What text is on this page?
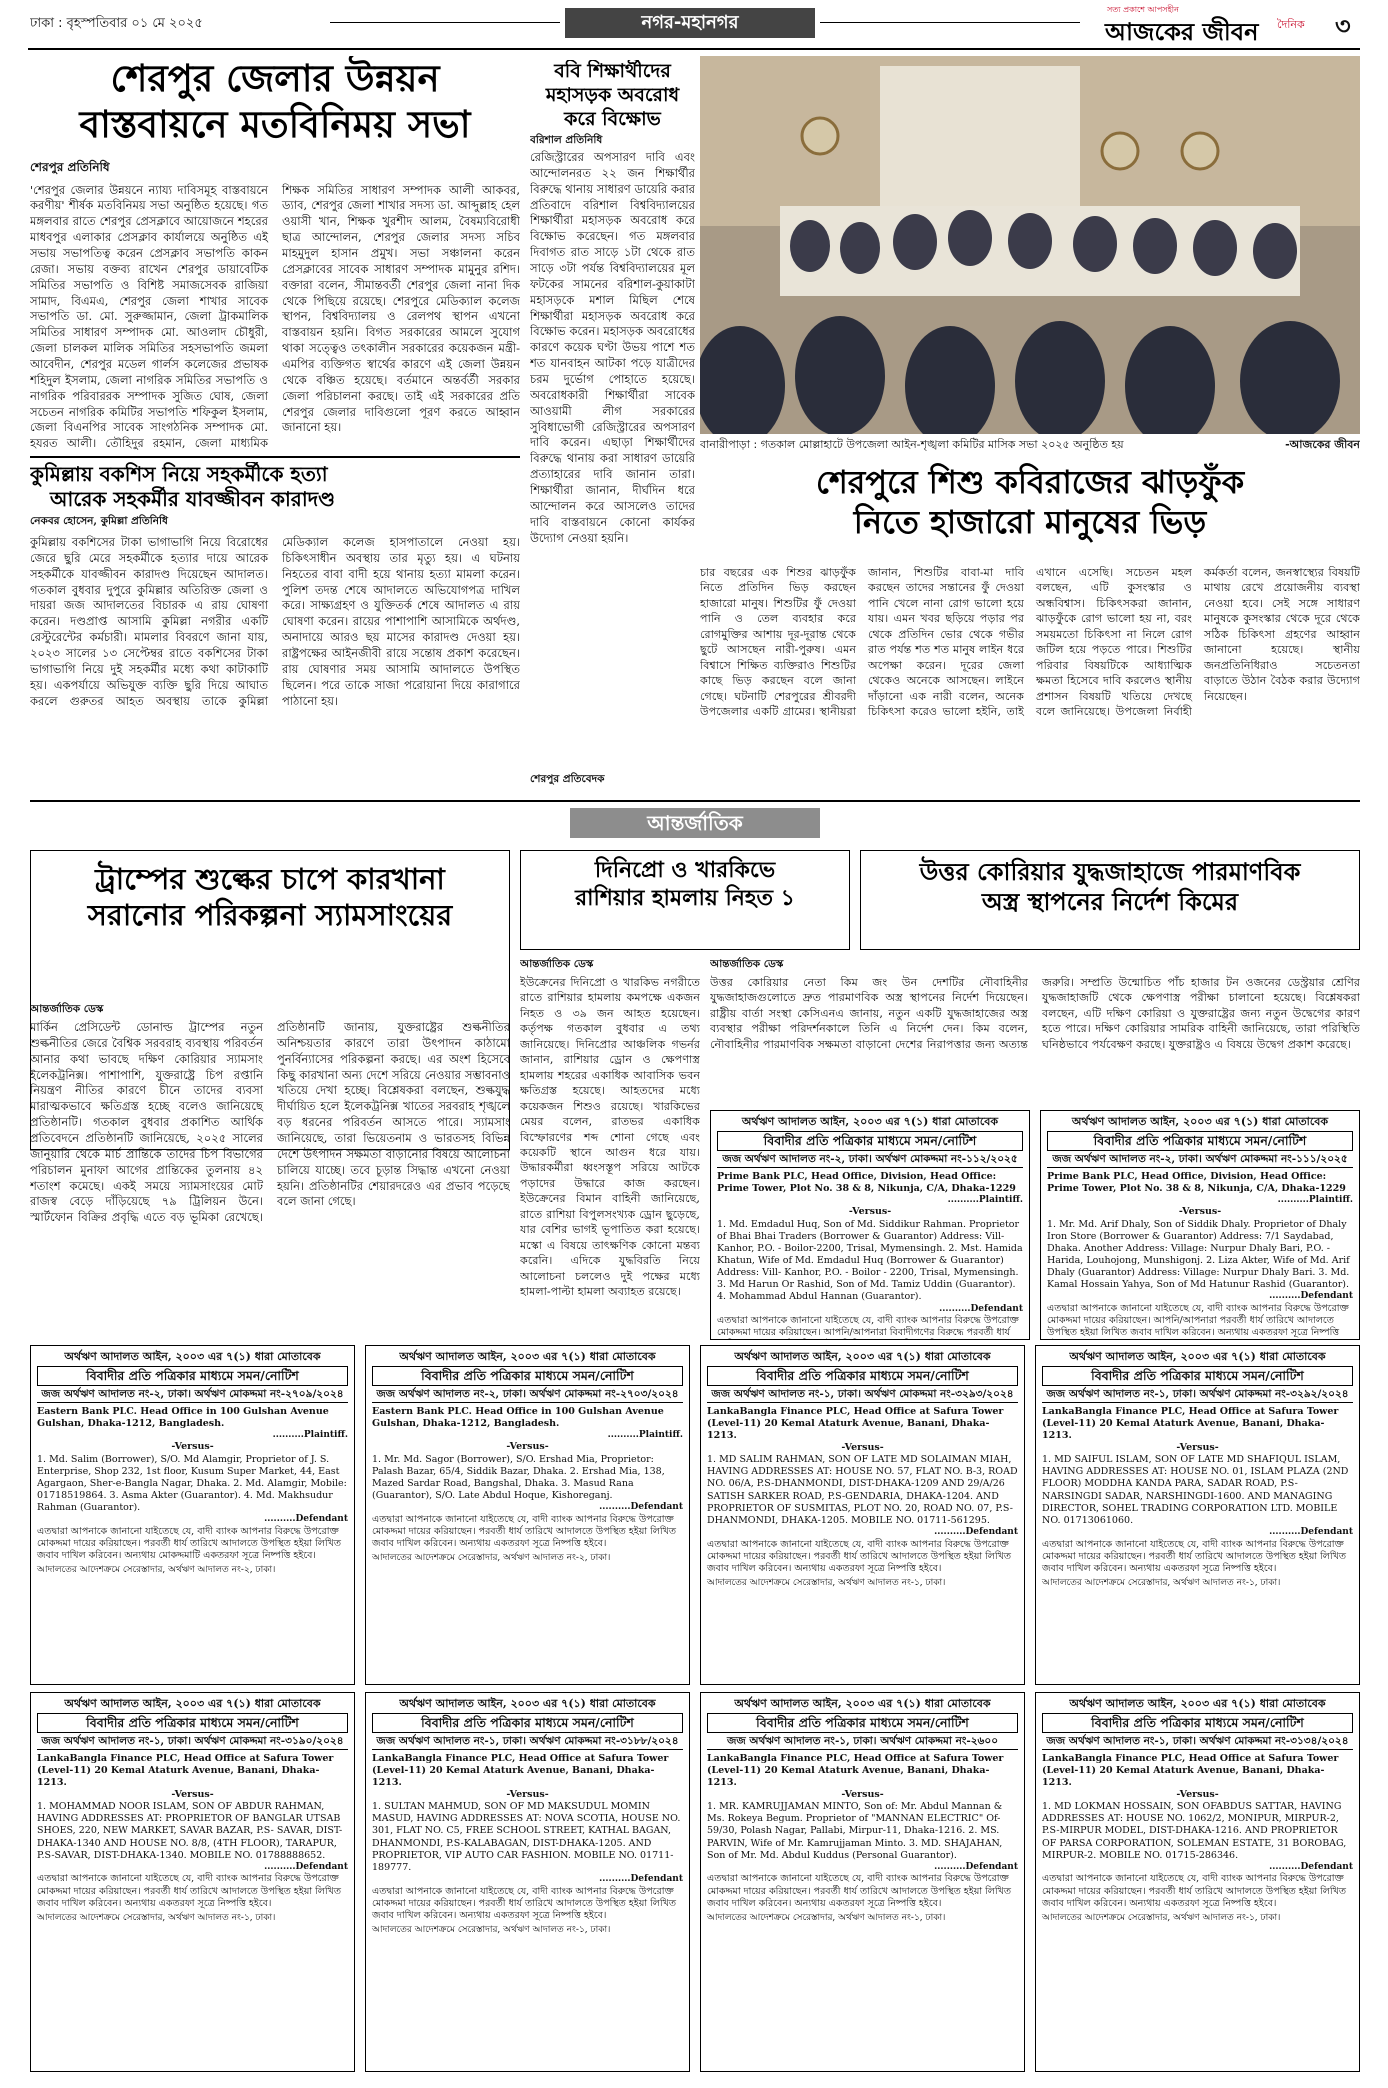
ঢাকা : বৃহস্পতিবার ০১ মে ২০২৫	নগর-মহানগর
সত্য প্রকাশে আপসহীন
আজকের জীবন দৈনিক ৩
শেরপুর জেলার উন্নয়ন
বাস্তবায়নে মতবিনিময় সভা
শেরপুর প্রতিনিধি
'শেরপুর জেলার উন্নয়নে ন্যায্য দাবিসমূহ বাস্তবায়নে করণীয়' শীর্ষক মতবিনিময় সভা অনুষ্ঠিত হয়েছে। গত মঙ্গলবার রাতে শেরপুর প্রেসক্লাবে আয়োজনে শহরের মাধবপুর এলাকার প্রেসক্লাব কার্যালয়ে অনুষ্ঠিত এই সভায় সভাপতিত্ব করেন প্রেসক্লাব সভাপতি কাকন রেজা। সভায় বক্তব্য রাখেন শেরপুর ডায়াবেটিক সমিতির সভাপতি ও বিশিষ্ট সমাজসেবক রাজিয়া সামাদ, বিএমএ, শেরপুর জেলা শাখার সাবেক সভাপতি ডা. মো. সুরুজ্জামান, জেলা ট্রাকমালিক সমিতির সাধারণ সম্পাদক মো. আওলাদ চৌধুরী, জেলা চালকল মালিক সমিতির সহসভাপতি জমলা আবেদীন, শেরপুর মডেল গার্লস কলেজের প্রভাষক শহিদুল ইসলাম, জেলা নাগরিক সমিতির সভাপতি ও নাগরিক পরিবাররক সম্পাদক সুজিত ঘোষ, জেলা সচেতন নাগরিক কমিটির সভাপতি শফিকুল ইসলাম, জেলা বিএনপির সাবেক সাংগঠনিক সম্পাদক মো. হযরত আলী। তৌহিদুর রহমান, জেলা মাধ্যমিক শিক্ষক সমিতির সাধারণ সম্পাদক আলী আকবর, ড্যাব, শেরপুর জেলা শাখার সদস্য ডা. আব্দুল্লাহ হেল ওয়াসী খান, শিক্ষক খুরশীদ আলম, বৈষম্যবিরোধী ছাত্র আন্দোলন, শেরপুর জেলার সদস্য সচিব মাহমুদুল হাসান প্রমুখ। সভা সঞ্চালনা করেন প্রেসক্লাবের সাবেক সাধারণ সম্পাদক মামুনুর রশিদ। বক্তারা বলেন, সীমান্তবর্তী শেরপুর জেলা নানা দিক থেকে পিছিয়ে রয়েছে। শেরপুরে মেডিক্যাল কলেজ স্থাপন, বিশ্ববিদ্যালয় ও রেলপথ স্থাপন এখনো বাস্তবায়ন হয়নি। বিগত সরকারের আমলে সুযোগ থাকা সত্ত্বেও তৎকালীন সরকারের কয়েকজন মন্ত্রী-এমপির ব্যক্তিগত স্বার্থের কারণে এই জেলা উন্নয়ন থেকে বঞ্চিত হয়েছে। বর্তমানে অন্তর্বর্তী সরকার জেলা পরিচালনা করছে। তাই এই সরকারের প্রতি শেরপুর জেলার দাবিগুলো পূরণ করতে আহ্বান জানানো হয়।
ববি শিক্ষার্থীদের
মহাসড়ক অবরোধ
করে বিক্ষোভ
বরিশাল প্রতিনিধি
বানারীপাড়া : গতকাল মোল্লাহাটে উপজেলা আইন-শৃঙ্খলা কমিটির মাসিক সভা ২০২৫ অনুষ্ঠিত হয়	-আজকের জীবন
রেজিস্ট্রারের অপসারণ দাবি এবং আন্দোলনরত ২২ জন শিক্ষার্থীর বিরুদ্ধে থানায় সাধারণ ডায়েরি করার প্রতিবাদে বরিশাল বিশ্ববিদ্যালয়ের শিক্ষার্থীরা মহাসড়ক অবরোধ করে বিক্ষোভ করেছেন। গত মঙ্গলবার দিবাগত রাত সাড়ে ১টা থেকে রাত সাড়ে ৩টা পর্যন্ত বিশ্ববিদ্যালয়ের মূল ফটকের সামনের বরিশাল-কুয়াকাটা মহাসড়কে মশাল মিছিল শেষে শিক্ষার্থীরা মহাসড়ক অবরোধ করে বিক্ষোভ করেন। মহাসড়ক অবরোধের কারণে কয়েক ঘণ্টা উভয় পাশে শত শত যানবাহন আটকা পড়ে যাত্রীদের চরম দুর্ভোগ পোহাতে হয়েছে। অবরোধকারী শিক্ষার্থীরা সাবেক আওয়ামী লীগ সরকারের সুবিধাভোগী রেজিস্ট্রারের অপসারণ দাবি করেন। এছাড়া শিক্ষার্থীদের বিরুদ্ধে থানায় করা সাধারণ ডায়েরি প্রত্যাহারের দাবি জানান তারা। শিক্ষার্থীরা জানান, দীর্ঘদিন ধরে আন্দোলন করে আসলেও তাদের দাবি বাস্তবায়নে কোনো কার্যকর উদ্যোগ নেওয়া হয়নি।
কুমিল্লায় বকশিস নিয়ে সহকর্মীকে হত্যা
আরেক সহকর্মীর যাবজ্জীবন কারাদণ্ড
নেকবর হোসেন, কুমিল্লা প্রতিনিধি
কুমিল্লায় বকশিসের টাকা ভাগাভাগি নিয়ে বিরোধের জেরে ছুরি মেরে সহকর্মীকে হত্যার দায়ে আরেক সহকর্মীকে যাবজ্জীবন কারাদণ্ড দিয়েছেন আদালত। গতকাল বুধবার দুপুরে কুমিল্লার অতিরিক্ত জেলা ও দায়রা জজ আদালতের বিচারক এ রায় ঘোষণা করেন। দণ্ডপ্রাপ্ত আসামি কুমিল্লা নগরীর একটি রেস্টুরেন্টের কর্মচারী। মামলার বিবরণে জানা যায়, ২০২৩ সালের ১৩ সেপ্টেম্বর রাতে বকশিসের টাকা ভাগাভাগি নিয়ে দুই সহকর্মীর মধ্যে কথা কাটাকাটি হয়। একপর্যায়ে অভিযুক্ত ব্যক্তি ছুরি দিয়ে আঘাত করলে গুরুতর আহত অবস্থায় তাকে কুমিল্লা মেডিক্যাল কলেজ হাসপাতালে নেওয়া হয়। চিকিৎসাধীন অবস্থায় তার মৃত্যু হয়। এ ঘটনায় নিহতের বাবা বাদী হয়ে থানায় হত্যা মামলা করেন। পুলিশ তদন্ত শেষে আদালতে অভিযোগপত্র দাখিল করে। সাক্ষ্যগ্রহণ ও যুক্তিতর্ক শেষে আদালত এ রায় ঘোষণা করেন। রায়ের পাশাপাশি আসামিকে অর্থদণ্ড, অনাদায়ে আরও ছয় মাসের কারাদণ্ড দেওয়া হয়। রাষ্ট্রপক্ষের আইনজীবী রায়ে সন্তোষ প্রকাশ করেছেন। রায় ঘোষণার সময় আসামি আদালতে উপস্থিত ছিলেন। পরে তাকে সাজা পরোয়ানা দিয়ে কারাগারে পাঠানো হয়।
শেরপুরে শিশু কবিরাজের ঝাড়ফুঁক
নিতে হাজারো মানুষের ভিড়
শেরপুর প্রতিবেদক
চার বছরের এক শিশুর ঝাড়ফুঁক নিতে প্রতিদিন ভিড় করছেন হাজারো মানুষ। শিশুটির ফুঁ দেওয়া পানি ও তেল ব্যবহার করে রোগমুক্তির আশায় দূর-দূরান্ত থেকে ছুটে আসছেন নারী-পুরুষ। এমন বিশ্বাসে শিক্ষিত ব্যক্তিরাও শিশুটির কাছে ভিড় করছেন বলে জানা গেছে। ঘটনাটি শেরপুরের শ্রীবরদী উপজেলার একটি গ্রামের। স্থানীয়রা জানান, শিশুটির বাবা-মা দাবি করছেন তাদের সন্তানের ফুঁ দেওয়া পানি খেলে নানা রোগ ভালো হয়ে যায়। এমন খবর ছড়িয়ে পড়ার পর থেকে প্রতিদিন ভোর থেকে গভীর রাত পর্যন্ত শত শত মানুষ লাইন ধরে অপেক্ষা করেন। দূরের জেলা থেকেও অনেকে আসছেন। লাইনে দাঁড়ানো এক নারী বলেন, অনেক চিকিৎসা করেও ভালো হইনি, তাই এখানে এসেছি। সচেতন মহল বলছেন, এটি কুসংস্কার ও অন্ধবিশ্বাস। চিকিৎসকরা জানান, ঝাড়ফুঁকে রোগ ভালো হয় না, বরং সময়মতো চিকিৎসা না নিলে রোগ জটিল হয়ে পড়তে পারে। শিশুটির পরিবার বিষয়টিকে আধ্যাত্মিক ক্ষমতা হিসেবে দাবি করলেও স্থানীয় প্রশাসন বিষয়টি খতিয়ে দেখছে বলে জানিয়েছে। উপজেলা নির্বাহী কর্মকর্তা বলেন, জনস্বাস্থ্যের বিষয়টি মাথায় রেখে প্রয়োজনীয় ব্যবস্থা নেওয়া হবে। সেই সঙ্গে সাধারণ মানুষকে কুসংস্কার থেকে দূরে থেকে সঠিক চিকিৎসা গ্রহণের আহ্বান জানানো হয়েছে। স্থানীয় জনপ্রতিনিধিরাও সচেতনতা বাড়াতে উঠান বৈঠক করার উদ্যোগ নিয়েছেন।
আন্তর্জাতিক
ট্রাম্পের শুল্কের চাপে কারখানা
সরানোর পরিকল্পনা স্যামসাংয়ের
আন্তর্জাতিক ডেস্ক
মার্কিন প্রেসিডেন্ট ডোনাল্ড ট্রাম্পের নতুন শুল্কনীতির জেরে বৈশ্বিক সরবরাহ ব্যবস্থায় পরিবর্তন আনার কথা ভাবছে দক্ষিণ কোরিয়ার স্যামসাং ইলেকট্রনিক্স। পাশাপাশি, যুক্তরাষ্ট্রে চিপ রপ্তানি নিয়ন্ত্রণ নীতির কারণে চীনে তাদের ব্যবসা মারাত্মকভাবে ক্ষতিগ্রস্ত হচ্ছে বলেও জানিয়েছে প্রতিষ্ঠানটি। গতকাল বুধবার প্রকাশিত আর্থিক প্রতিবেদনে প্রতিষ্ঠানটি জানিয়েছে, ২০২৫ সালের জানুয়ারি থেকে মার্চ প্রান্তিকে তাদের চিপ বিভাগের পরিচালন মুনাফা আগের প্রান্তিকের তুলনায় ৪২ শতাংশ কমেছে। একই সময়ে স্যামসাংয়ের মোট রাজস্ব বেড়ে দাঁড়িয়েছে ৭৯ ট্রিলিয়ন উনে। স্মার্টফোন বিক্রির প্রবৃদ্ধি এতে বড় ভূমিকা রেখেছে। প্রতিষ্ঠানটি জানায়, যুক্তরাষ্ট্রের শুল্কনীতির অনিশ্চয়তার কারণে তারা উৎপাদন কাঠামো পুনর্বিন্যাসের পরিকল্পনা করছে। এর অংশ হিসেবে কিছু কারখানা অন্য দেশে সরিয়ে নেওয়ার সম্ভাবনাও খতিয়ে দেখা হচ্ছে। বিশ্লেষকরা বলছেন, শুল্কযুদ্ধ দীর্ঘায়িত হলে ইলেকট্রনিক্স খাতের সরবরাহ শৃঙ্খলে বড় ধরনের পরিবর্তন আসতে পারে। স্যামসাং জানিয়েছে, তারা ভিয়েতনাম ও ভারতসহ বিভিন্ন দেশে উৎপাদন সক্ষমতা বাড়ানোর বিষয়ে আলোচনা চালিয়ে যাচ্ছে। তবে চূড়ান্ত সিদ্ধান্ত এখনো নেওয়া হয়নি। প্রতিষ্ঠানটির শেয়ারদরেও এর প্রভাব পড়েছে বলে জানা গেছে।
দিনিপ্রো ও খারকিভে
রাশিয়ার হামলায় নিহত ১
আন্তর্জাতিক ডেস্ক
ইউক্রেনের দিনিপ্রো ও খারকিভ নগরীতে রাতে রাশিয়ার হামলায় কমপক্ষে একজন নিহত ও ৩৯ জন আহত হয়েছেন। কর্তৃপক্ষ গতকাল বুধবার এ তথ্য জানিয়েছে। দিনিপ্রোর আঞ্চলিক গভর্নর জানান, রাশিয়ার ড্রোন ও ক্ষেপণাস্ত্র হামলায় শহরের একাধিক আবাসিক ভবন ক্ষতিগ্রস্ত হয়েছে। আহতদের মধ্যে কয়েকজন শিশুও রয়েছে। খারকিভের মেয়র বলেন, রাতভর একাধিক বিস্ফোরণের শব্দ শোনা গেছে এবং কয়েকটি স্থানে আগুন ধরে যায়। উদ্ধারকর্মীরা ধ্বংসস্তূপ সরিয়ে আটকে পড়াদের উদ্ধারে কাজ করছেন। ইউক্রেনের বিমান বাহিনী জানিয়েছে, রাতে রাশিয়া বিপুলসংখ্যক ড্রোন ছুড়েছে, যার বেশির ভাগই ভূপাতিত করা হয়েছে। মস্কো এ বিষয়ে তাৎক্ষণিক কোনো মন্তব্য করেনি। এদিকে যুদ্ধবিরতি নিয়ে আলোচনা চললেও দুই পক্ষের মধ্যে হামলা-পাল্টা হামলা অব্যাহত রয়েছে।
উত্তর কোরিয়ার যুদ্ধজাহাজে পারমাণবিক
অস্ত্র স্থাপনের নির্দেশ কিমের
আন্তর্জাতিক ডেস্ক
উত্তর কোরিয়ার নেতা কিম জং উন দেশটির নৌবাহিনীর যুদ্ধজাহাজগুলোতে দ্রুত পারমাণবিক অস্ত্র স্থাপনের নির্দেশ দিয়েছেন। রাষ্ট্রীয় বার্তা সংস্থা কেসিএনএ জানায়, নতুন একটি যুদ্ধজাহাজের অস্ত্র ব্যবস্থার পরীক্ষা পরিদর্শনকালে তিনি এ নির্দেশ দেন। কিম বলেন, নৌবাহিনীর পারমাণবিক সক্ষমতা বাড়ানো দেশের নিরাপত্তার জন্য অত্যন্ত জরুরি। সম্প্রতি উন্মোচিত পাঁচ হাজার টন ওজনের ডেস্ট্রয়ার শ্রেণির যুদ্ধজাহাজটি থেকে ক্ষেপণাস্ত্র পরীক্ষা চালানো হয়েছে। বিশ্লেষকরা বলছেন, এটি দক্ষিণ কোরিয়া ও যুক্তরাষ্ট্রের জন্য নতুন উদ্বেগের কারণ হতে পারে। দক্ষিণ কোরিয়ার সামরিক বাহিনী জানিয়েছে, তারা পরিস্থিতি ঘনিষ্ঠভাবে পর্যবেক্ষণ করছে। যুক্তরাষ্ট্রও এ বিষয়ে উদ্বেগ প্রকাশ করেছে।
অর্থঋণ আদালত আইন, ২০০৩ এর ৭(১) ধারা মোতাবেক
বিবাদীর প্রতি পত্রিকার মাধ্যমে সমন/নোটিশ
জজ অর্থঋণ আদালত নং-২, ঢাকা। অর্থঋণ মোকদ্দমা নং-১১২/২০২৫
Prime Bank PLC, Head Office, Division, Head Office: Prime Tower, Plot No. 38 & 8, Nikunja, C/A, Dhaka-1229
..........Plaintiff.
-Versus-
1. Md. Emdadul Huq, Son of Md. Siddikur Rahman. Proprietor of Bhai Bhai Traders (Borrower & Guarantor) Address: Vill- Kanhor, P.O. - Boilor-2200, Trisal, Mymensingh. 2. Mst. Hamida Khatun, Wife of Md. Emdadul Huq (Borrower & Guarantor) Address: Vill- Kanhor, P.O. - Boilor - 2200, Trisal, Mymensingh. 3. Md Harun Or Rashid, Son of Md. Tamiz Uddin (Guarantor). 4. Mohammad Abdul Hannan (Guarantor).
..........Defendant
এতদ্বারা আপনাকে জানানো যাইতেছে যে, বাদী ব্যাংক আপনার বিরুদ্ধে উপরোক্ত মোকদ্দমা দায়ের করিয়াছেন। আপনি/আপনারা বিবাদীগণের বিরুদ্ধে পরবর্তী ধার্য
অর্থঋণ আদালত আইন, ২০০৩ এর ৭(১) ধারা মোতাবেক
বিবাদীর প্রতি পত্রিকার মাধ্যমে সমন/নোটিশ
জজ অর্থঋণ আদালত নং-২, ঢাকা। অর্থঋণ মোকদ্দমা নং-১১১/২০২৫
Prime Bank PLC, Head Office, Division, Head Office: Prime Tower, Plot No. 38 & 8, Nikunja, C/A, Dhaka-1229
..........Plaintiff.
-Versus-
1. Mr. Md. Arif Dhaly, Son of Siddik Dhaly. Proprietor of Dhaly Iron Store (Borrower & Guarantor) Address: 7/1 Saydabad, Dhaka. Another Address: Village: Nurpur Dhaly Bari, P.O. - Harida, Louhojong, Munshigonj. 2. Liza Akter, Wife of Md. Arif Dhaly (Guarantor) Address: Village: Nurpur Dhaly Bari. 3. Md. Kamal Hossain Yahya, Son of Md Hatunur Rashid (Guarantor).
..........Defendant
এতদ্বারা আপনাকে জানানো যাইতেছে যে, বাদী ব্যাংক আপনার বিরুদ্ধে উপরোক্ত মোকদ্দমা দায়ের করিয়াছেন। আপনি/আপনারা পরবর্তী ধার্য তারিখে আদালতে উপস্থিত হইয়া লিখিত জবাব দাখিল করিবেন। অন্যথায় একতরফা সূত্রে নিষ্পত্তি
অর্থঋণ আদালত আইন, ২০০৩ এর ৭(১) ধারা মোতাবেক
বিবাদীর প্রতি পত্রিকার মাধ্যমে সমন/নোটিশ
জজ অর্থঋণ আদালত নং-২, ঢাকা। অর্থঋণ মোকদ্দমা নং-২৭০৯/২০২৪
Eastern Bank PLC. Head Office in 100 Gulshan Avenue Gulshan, Dhaka-1212, Bangladesh.
..........Plaintiff.
-Versus-
1. Md. Salim (Borrower), S/O. Md Alamgir, Proprietor of J. S. Enterprise, Shop 232, 1st floor, Kusum Super Market, 44, East Agargaon, Sher-e-Bangla Nagar, Dhaka. 2. Md. Alamgir, Mobile: 01718519864. 3. Asma Akter (Guarantor). 4. Md. Makhsudur Rahman (Guarantor).
..........Defendant
এতদ্বারা আপনাকে জানানো যাইতেছে যে, বাদী ব্যাংক আপনার বিরুদ্ধে উপরোক্ত মোকদ্দমা দায়ের করিয়াছেন। পরবর্তী ধার্য তারিখে আদালতে উপস্থিত হইয়া লিখিত জবাব দাখিল করিবেন। অন্যথায় মোকদ্দমাটি একতরফা সূত্রে নিষ্পত্তি হইবে।
আদালতের আদেশক্রমে সেরেস্তাদার, অর্থঋণ আদালত নং-২, ঢাকা।
অর্থঋণ আদালত আইন, ২০০৩ এর ৭(১) ধারা মোতাবেক
বিবাদীর প্রতি পত্রিকার মাধ্যমে সমন/নোটিশ
জজ অর্থঋণ আদালত নং-২, ঢাকা। অর্থঋণ মোকদ্দমা নং-২৭০৩/২০২৪
Eastern Bank PLC. Head Office in 100 Gulshan Avenue Gulshan, Dhaka-1212, Bangladesh.
..........Plaintiff.
-Versus-
1. Mr. Md. Sagor (Borrower), S/O. Ershad Mia, Proprietor: Palash Bazar, 65/4, Siddik Bazar, Dhaka. 2. Ershad Mia, 138, Mazed Sardar Road, Bangshal, Dhaka. 3. Masud Rana (Guarantor), S/O. Late Abdul Hoque, Kishoreganj.
..........Defendant
এতদ্বারা আপনাকে জানানো যাইতেছে যে, বাদী ব্যাংক আপনার বিরুদ্ধে উপরোক্ত মোকদ্দমা দায়ের করিয়াছেন। পরবর্তী ধার্য তারিখে আদালতে উপস্থিত হইয়া লিখিত জবাব দাখিল করিবেন। অন্যথায় একতরফা সূত্রে নিষ্পত্তি হইবে।
আদালতের আদেশক্রমে সেরেস্তাদার, অর্থঋণ আদালত নং-২, ঢাকা।
অর্থঋণ আদালত আইন, ২০০৩ এর ৭(১) ধারা মোতাবেক
বিবাদীর প্রতি পত্রিকার মাধ্যমে সমন/নোটিশ
জজ অর্থঋণ আদালত নং-১, ঢাকা। অর্থঋণ মোকদ্দমা নং-৩২৯৩/২০২৪
LankaBangla Finance PLC, Head Office at Safura Tower (Level-11) 20 Kemal Ataturk Avenue, Banani, Dhaka-1213.
-Versus-
1. MD SALIM RAHMAN, SON OF LATE MD SOLAIMAN MIAH, HAVING ADDRESSES AT: HOUSE NO. 57, FLAT NO. B-3, ROAD NO. 06/A, P.S-DHANMONDI, DIST-DHAKA-1209 AND 29/A/26 SATISH SARKER ROAD, P.S-GENDARIA, DHAKA-1204. AND PROPRIETOR OF SUSMITAS, PLOT NO. 20, ROAD NO. 07, P.S- DHANMONDI, DHAKA-1205. MOBILE NO. 01711-561295.
..........Defendant
এতদ্বারা আপনাকে জানানো যাইতেছে যে, বাদী ব্যাংক আপনার বিরুদ্ধে উপরোক্ত মোকদ্দমা দায়ের করিয়াছেন। পরবর্তী ধার্য তারিখে আদালতে উপস্থিত হইয়া লিখিত জবাব দাখিল করিবেন। অন্যথায় একতরফা সূত্রে নিষ্পত্তি হইবে।
আদালতের আদেশক্রমে সেরেস্তাদার, অর্থঋণ আদালত নং-১, ঢাকা।
অর্থঋণ আদালত আইন, ২০০৩ এর ৭(১) ধারা মোতাবেক
বিবাদীর প্রতি পত্রিকার মাধ্যমে সমন/নোটিশ
জজ অর্থঋণ আদালত নং-১, ঢাকা। অর্থঋণ মোকদ্দমা নং-৩২৯২/২০২৪
LankaBangla Finance PLC, Head Office at Safura Tower (Level-11) 20 Kemal Ataturk Avenue, Banani, Dhaka-1213.
-Versus-
1. MD SAIFUL ISLAM, SON OF LATE MD SHAFIQUL ISLAM, HAVING ADDRESSES AT: HOUSE NO. 01, ISLAM PLAZA (2ND FLOOR) MODDHA KANDA PARA, SADAR ROAD, P.S-NARSINGDI SADAR, NARSHINGDI-1600. AND MANAGING DIRECTOR, SOHEL TRADING CORPORATION LTD. MOBILE NO. 01713061060.
..........Defendant
এতদ্বারা আপনাকে জানানো যাইতেছে যে, বাদী ব্যাংক আপনার বিরুদ্ধে উপরোক্ত মোকদ্দমা দায়ের করিয়াছেন। পরবর্তী ধার্য তারিখে আদালতে উপস্থিত হইয়া লিখিত জবাব দাখিল করিবেন। অন্যথায় একতরফা সূত্রে নিষ্পত্তি হইবে।
আদালতের আদেশক্রমে সেরেস্তাদার, অর্থঋণ আদালত নং-১, ঢাকা।
অর্থঋণ আদালত আইন, ২০০৩ এর ৭(১) ধারা মোতাবেক
বিবাদীর প্রতি পত্রিকার মাধ্যমে সমন/নোটিশ
জজ অর্থঋণ আদালত নং-১, ঢাকা। অর্থঋণ মোকদ্দমা নং-৩১৯০/২০২৪
LankaBangla Finance PLC, Head Office at Safura Tower (Level-11) 20 Kemal Ataturk Avenue, Banani, Dhaka-1213.
-Versus-
1. MOHAMMAD NOOR ISLAM, SON OF ABDUR RAHMAN, HAVING ADDRESSES AT: PROPRIETOR OF BANGLAR UTSAB SHOES, 220, NEW MARKET, SAVAR BAZAR, P.S- SAVAR, DIST-DHAKA-1340 AND HOUSE NO. 8/8, (4TH FLOOR), TARAPUR, P.S-SAVAR, DIST-DHAKA-1340. MOBILE NO. 01788888652.
..........Defendant
এতদ্বারা আপনাকে জানানো যাইতেছে যে, বাদী ব্যাংক আপনার বিরুদ্ধে উপরোক্ত মোকদ্দমা দায়ের করিয়াছেন। পরবর্তী ধার্য তারিখে আদালতে উপস্থিত হইয়া লিখিত জবাব দাখিল করিবেন। অন্যথায় একতরফা সূত্রে নিষ্পত্তি হইবে।
আদালতের আদেশক্রমে সেরেস্তাদার, অর্থঋণ আদালত নং-১, ঢাকা।
অর্থঋণ আদালত আইন, ২০০৩ এর ৭(১) ধারা মোতাবেক
বিবাদীর প্রতি পত্রিকার মাধ্যমে সমন/নোটিশ
জজ অর্থঋণ আদালত নং-১, ঢাকা। অর্থঋণ মোকদ্দমা নং-৩১৮৮/২০২৪
LankaBangla Finance PLC, Head Office at Safura Tower (Level-11) 20 Kemal Ataturk Avenue, Banani, Dhaka-1213.
-Versus-
1. SULTAN MAHMUD, SON OF MD MAKSUDUL MOMIN MASUD, HAVING ADDRESSES AT: NOVA SCOTIA, HOUSE NO. 301, FLAT NO. C5, FREE SCHOOL STREET, KATHAL BAGAN, DHANMONDI, P.S-KALABAGAN, DIST-DHAKA-1205. AND PROPRIETOR, VIP AUTO CAR FASHION. MOBILE NO. 01711-189777.
..........Defendant
এতদ্বারা আপনাকে জানানো যাইতেছে যে, বাদী ব্যাংক আপনার বিরুদ্ধে উপরোক্ত মোকদ্দমা দায়ের করিয়াছেন। পরবর্তী ধার্য তারিখে আদালতে উপস্থিত হইয়া লিখিত জবাব দাখিল করিবেন। অন্যথায় একতরফা সূত্রে নিষ্পত্তি হইবে।
আদালতের আদেশক্রমে সেরেস্তাদার, অর্থঋণ আদালত নং-১, ঢাকা।
অর্থঋণ আদালত আইন, ২০০৩ এর ৭(১) ধারা মোতাবেক
বিবাদীর প্রতি পত্রিকার মাধ্যমে সমন/নোটিশ
জজ অর্থঋণ আদালত নং-১, ঢাকা। অর্থঋণ মোকদ্দমা নং-২৬০০
LankaBangla Finance PLC, Head Office at Safura Tower (Level-11) 20 Kemal Ataturk Avenue, Banani, Dhaka-1213.
-Versus-
1. MR. KAMRUJJAMAN MINTO, Son of: Mr. Abdul Mannan & Ms. Rokeya Begum. Proprietor of "MANNAN ELECTRIC" Of-59/30, Polash Nagar, Pallabi, Mirpur-11, Dhaka-1216. 2. MS. PARVIN, Wife of Mr. Kamrujjaman Minto. 3. MD. SHAJAHAN, Son of Mr. Md. Abdul Kuddus (Personal Guarantor).
..........Defendant
এতদ্বারা আপনাকে জানানো যাইতেছে যে, বাদী ব্যাংক আপনার বিরুদ্ধে উপরোক্ত মোকদ্দমা দায়ের করিয়াছেন। পরবর্তী ধার্য তারিখে আদালতে উপস্থিত হইয়া লিখিত জবাব দাখিল করিবেন। অন্যথায় একতরফা সূত্রে নিষ্পত্তি হইবে।
আদালতের আদেশক্রমে সেরেস্তাদার, অর্থঋণ আদালত নং-১, ঢাকা।
অর্থঋণ আদালত আইন, ২০০৩ এর ৭(১) ধারা মোতাবেক
বিবাদীর প্রতি পত্রিকার মাধ্যমে সমন/নোটিশ
জজ অর্থঋণ আদালত নং-১, ঢাকা। অর্থঋণ মোকদ্দমা নং-৩১৩৪/২০২৪
LankaBangla Finance PLC, Head Office at Safura Tower (Level-11) 20 Kemal Ataturk Avenue, Banani, Dhaka-1213.
-Versus-
1. MD LOKMAN HOSSAIN, SON OFABDUS SATTAR, HAVING ADDRESSES AT: HOUSE NO. 1062/2, MONIPUR, MIRPUR-2, P.S-MIRPUR MODEL, DIST-DHAKA-1216. AND PROPRIETOR OF PARSA CORPORATION, SOLEMAN ESTATE, 31 BOROBAG, MIRPUR-2. MOBILE NO. 01715-286346.
..........Defendant
এতদ্বারা আপনাকে জানানো যাইতেছে যে, বাদী ব্যাংক আপনার বিরুদ্ধে উপরোক্ত মোকদ্দমা দায়ের করিয়াছেন। পরবর্তী ধার্য তারিখে আদালতে উপস্থিত হইয়া লিখিত জবাব দাখিল করিবেন। অন্যথায় একতরফা সূত্রে নিষ্পত্তি হইবে।
আদালতের আদেশক্রমে সেরেস্তাদার, অর্থঋণ আদালত নং-১, ঢাকা।
